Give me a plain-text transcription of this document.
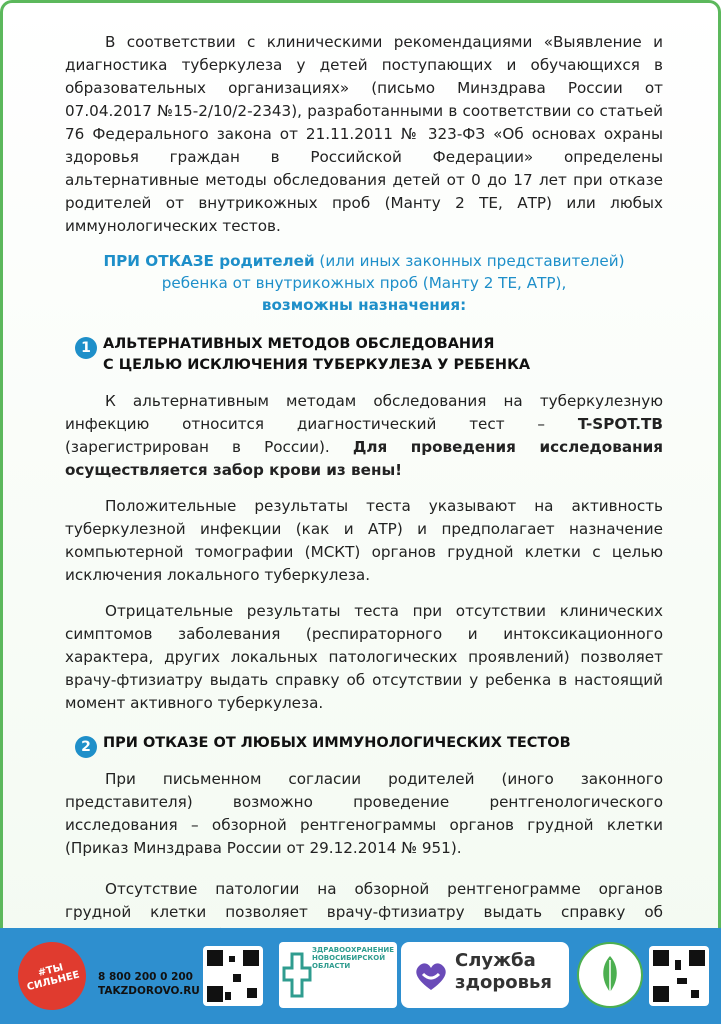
В соответствии с клиническими рекомендациями «Выявление и диагностика туберкулеза у детей поступающих и обучающихся в образовательных организациях» (письмо Минздрава России от 07.04.2017 №15-2/10/2-2343), разработанными в соответствии со статьей 76 Федерального закона от 21.11.2011 № 323-ФЗ «Об основах охраны здоровья граждан в Российской Федерации» определены альтернативные методы обследования детей от 0 до 17 лет при отказе родителей от внутрикожных проб (Манту 2 ТЕ, АТР) или любых иммунологических тестов.

ПРИ ОТКАЗЕ родителей (или иных законных представителей)
ребенка от внутрикожных проб (Манту 2 ТЕ, АТР),
возможны назначения:
1 АЛЬТЕРНАТИВНЫХ МЕТОДОВ ОБСЛЕДОВАНИЯ
С ЦЕЛЬЮ ИСКЛЮЧЕНИЯ ТУБЕРКУЛЕЗА У РЕБЕНКА

К альтернативным методам обследования на туберкулезную инфекцию относится диагностический тест – T-SPOT.TB (зарегистрирован в России). Для проведения исследования осуществляется забор крови из вены!

Положительные результаты теста указывают на активность туберкулезной инфекции (как и АТР) и предполагает назначение компьютерной томографии (МСКТ) органов грудной клетки с целью исключения локального туберкулеза.

Отрицательные результаты теста при отсутствии клинических симптомов заболевания (респираторного и интоксикационного характера, других локальных патологических проявлений) позволяет врачу-фтизиатру выдать справку об отсутствии у ребенка в настоящий момент активного туберкулеза.

2 ПРИ ОТКАЗЕ ОТ ЛЮБЫХ ИММУНОЛОГИЧЕСКИХ ТЕСТОВ

При письменном согласии родителей (иного законного представителя) возможно проведение рентгенологического исследования – обзорной рентгенограммы органов грудной клетки (Приказ Минздрава России от 29.12.2014 № 951).

Отсутствие патологии на обзорной рентгенограмме органов грудной клетки позволяет врачу-фтизиатру выдать справку об

#ТЫ СИЛЬНЕЕ	8 800 200 0 200
TAKZDOROVO.RU
ЗДРАВООХРАНЕНИЕ НОВОСИБИРСКОЙ ОБЛАСТИ	Служба
здоровья
